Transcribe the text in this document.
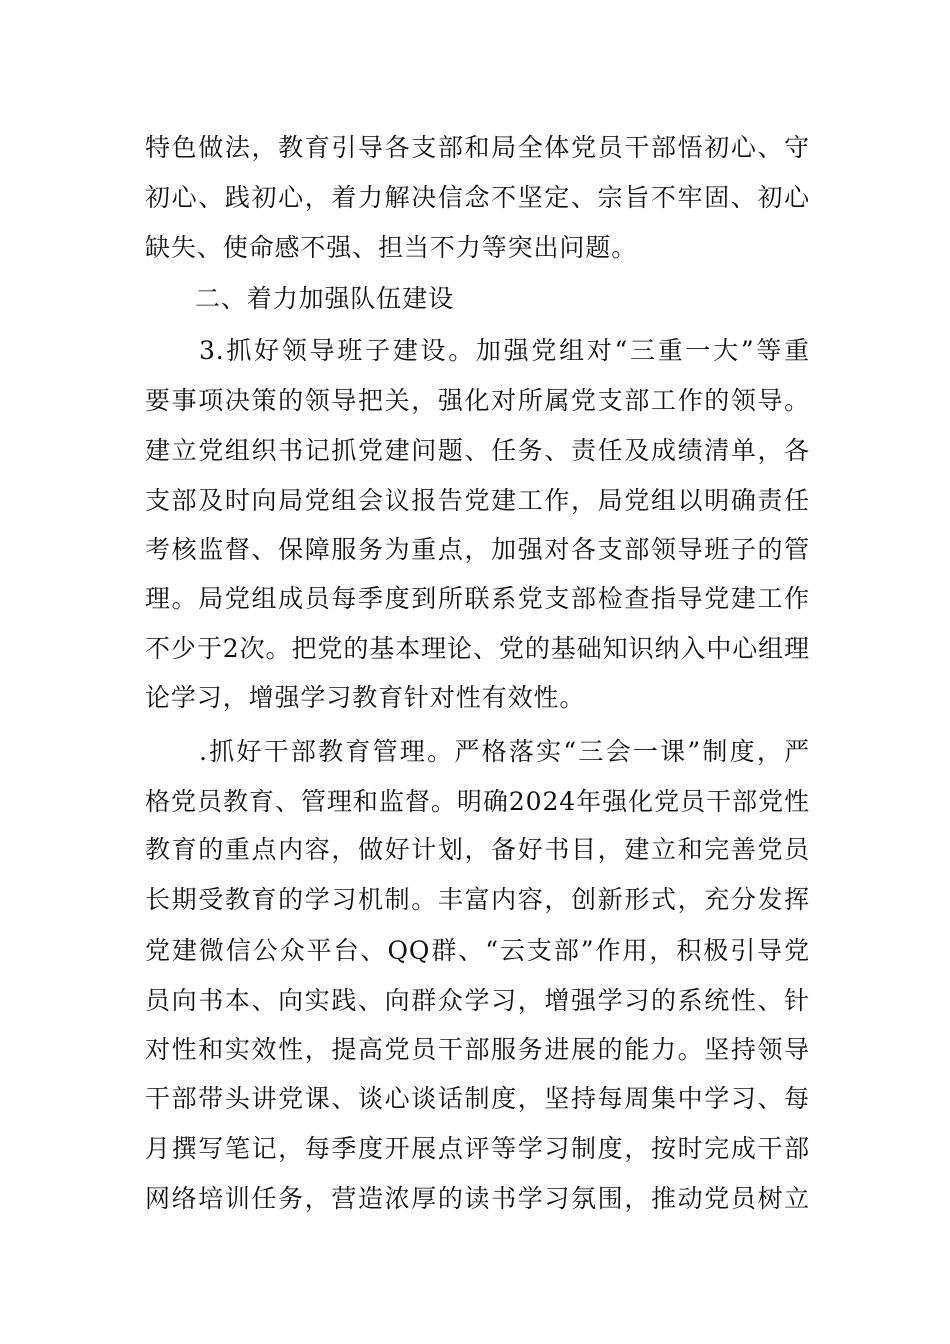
特色做法，教育引导各支部和局全体党员干部悟初心、守
初心、践初心，着力解决信念不坚定、宗旨不牢固、初心
缺失、使命感不强、担当不力等突出问题。
二、着力加强队伍建设
3.抓好领导班子建设。加强党组对“三重一大”等重
要事项决策的领导把关，强化对所属党支部工作的领导。
建立党组织书记抓党建问题、任务、责任及成绩清单，各
支部及时向局党组会议报告党建工作，局党组以明确责任
考核监督、保障服务为重点，加强对各支部领导班子的管
理。局党组成员每季度到所联系党支部检查指导党建工作
不少于2次。把党的基本理论、党的基础知识纳入中心组理
论学习，增强学习教育针对性有效性。
.抓好干部教育管理。严格落实“三会一课”制度，严
格党员教育、管理和监督。明确2024年强化党员干部党性
教育的重点内容，做好计划，备好书目，建立和完善党员
长期受教育的学习机制。丰富内容，创新形式，充分发挥
党建微信公众平台、QQ群、“云支部”作用，积极引导党
员向书本、向实践、向群众学习，增强学习的系统性、针
对性和实效性，提高党员干部服务进展的能力。坚持领导
干部带头讲党课、谈心谈话制度，坚持每周集中学习、每
月撰写笔记，每季度开展点评等学习制度，按时完成干部
网络培训任务，营造浓厚的读书学习氛围，推动党员树立
